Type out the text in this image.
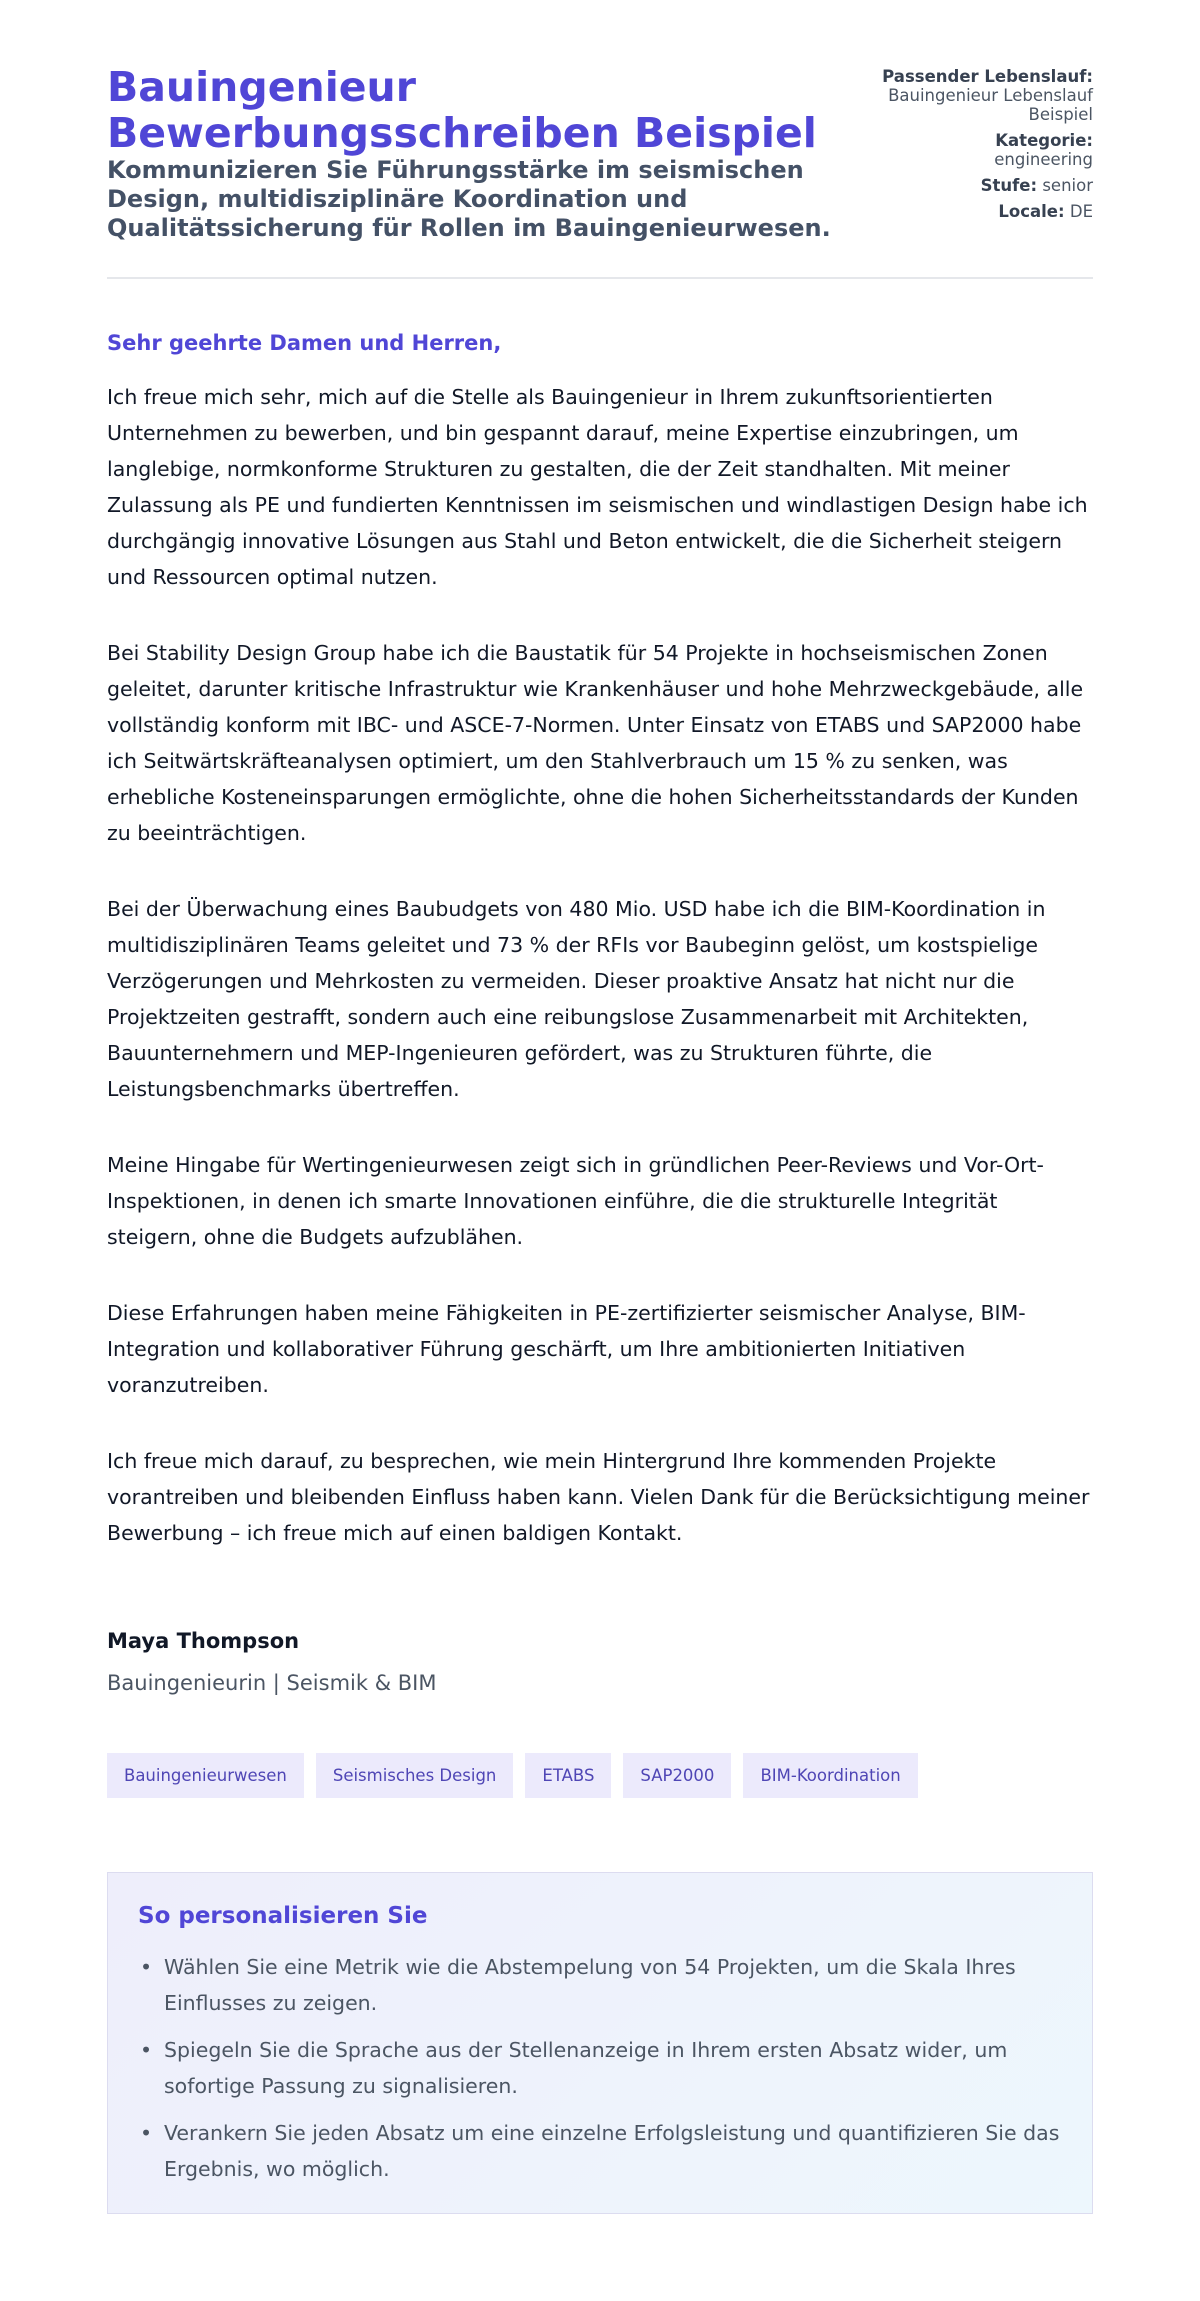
Bauingenieur Bewerbungsschreiben Beispiel
Kommunizieren Sie Führungsstärke im seismischen Design, multidisziplinäre Koordination und Qualitätssicherung für Rollen im Bauingenieurwesen.
Passender Lebenslauf:
Bauingenieur Lebenslauf Beispiel
Kategorie:
engineering
Stufe: senior
Locale: DE
Sehr geehrte Damen und Herren,

Ich freue mich sehr, mich auf die Stelle als Bauingenieur in Ihrem zukunftsorientierten Unternehmen zu bewerben, und bin gespannt darauf, meine Expertise einzubringen, um langlebige, normkonforme Strukturen zu gestalten, die der Zeit standhalten. Mit meiner Zulassung als PE und fundierten Kenntnissen im seismischen und windlastigen Design habe ich durchgängig innovative Lösungen aus Stahl und Beton entwickelt, die die Sicherheit steigern und Ressourcen optimal nutzen.

Bei Stability Design Group habe ich die Baustatik für 54 Projekte in hochseismischen Zonen geleitet, darunter kritische Infrastruktur wie Krankenhäuser und hohe Mehrzweckgebäude, alle vollständig konform mit IBC- und ASCE-7-Normen. Unter Einsatz von ETABS und SAP2000 habe ich Seitwärtskräfteanalysen optimiert, um den Stahlverbrauch um 15 % zu senken, was erhebliche Kosteneinsparungen ermöglichte, ohne die hohen Sicherheitsstandards der Kunden zu beeinträchtigen.

Bei der Überwachung eines Baubudgets von 480 Mio. USD habe ich die BIM-Koordination in multidisziplinären Teams geleitet und 73 % der RFIs vor Baubeginn gelöst, um kostspielige Verzögerungen und Mehrkosten zu vermeiden. Dieser proaktive Ansatz hat nicht nur die Projektzeiten gestrafft, sondern auch eine reibungslose Zusammenarbeit mit Architekten, Bauunternehmern und MEP-Ingenieuren gefördert, was zu Strukturen führte, die Leistungsbenchmarks übertreffen.

Meine Hingabe für Wertingenieurwesen zeigt sich in gründlichen Peer-Reviews und Vor-Ort-Inspektionen, in denen ich smarte Innovationen einführe, die die strukturelle Integrität steigern, ohne die Budgets aufzublähen.

Diese Erfahrungen haben meine Fähigkeiten in PE-zertifizierter seismischer Analyse, BIM-Integration und kollaborativer Führung geschärft, um Ihre ambitionierten Initiativen voranzutreiben.

Ich freue mich darauf, zu besprechen, wie mein Hintergrund Ihre kommenden Projekte vorantreiben und bleibenden Einfluss haben kann. Vielen Dank für die Berücksichtigung meiner Bewerbung – ich freue mich auf einen baldigen Kontakt.

Maya Thompson
Bauingenieurin | Seismik & BIM
Bauingenieurwesen	Seismisches Design	ETABS	SAP2000	BIM-Koordination
So personalisieren Sie
• Wählen Sie eine Metrik wie die Abstempelung von 54 Projekten, um die Skala Ihres Einflusses zu zeigen.
• Spiegeln Sie die Sprache aus der Stellenanzeige in Ihrem ersten Absatz wider, um sofortige Passung zu signalisieren.
• Verankern Sie jeden Absatz um eine einzelne Erfolgsleistung und quantifizieren Sie das Ergebnis, wo möglich.
